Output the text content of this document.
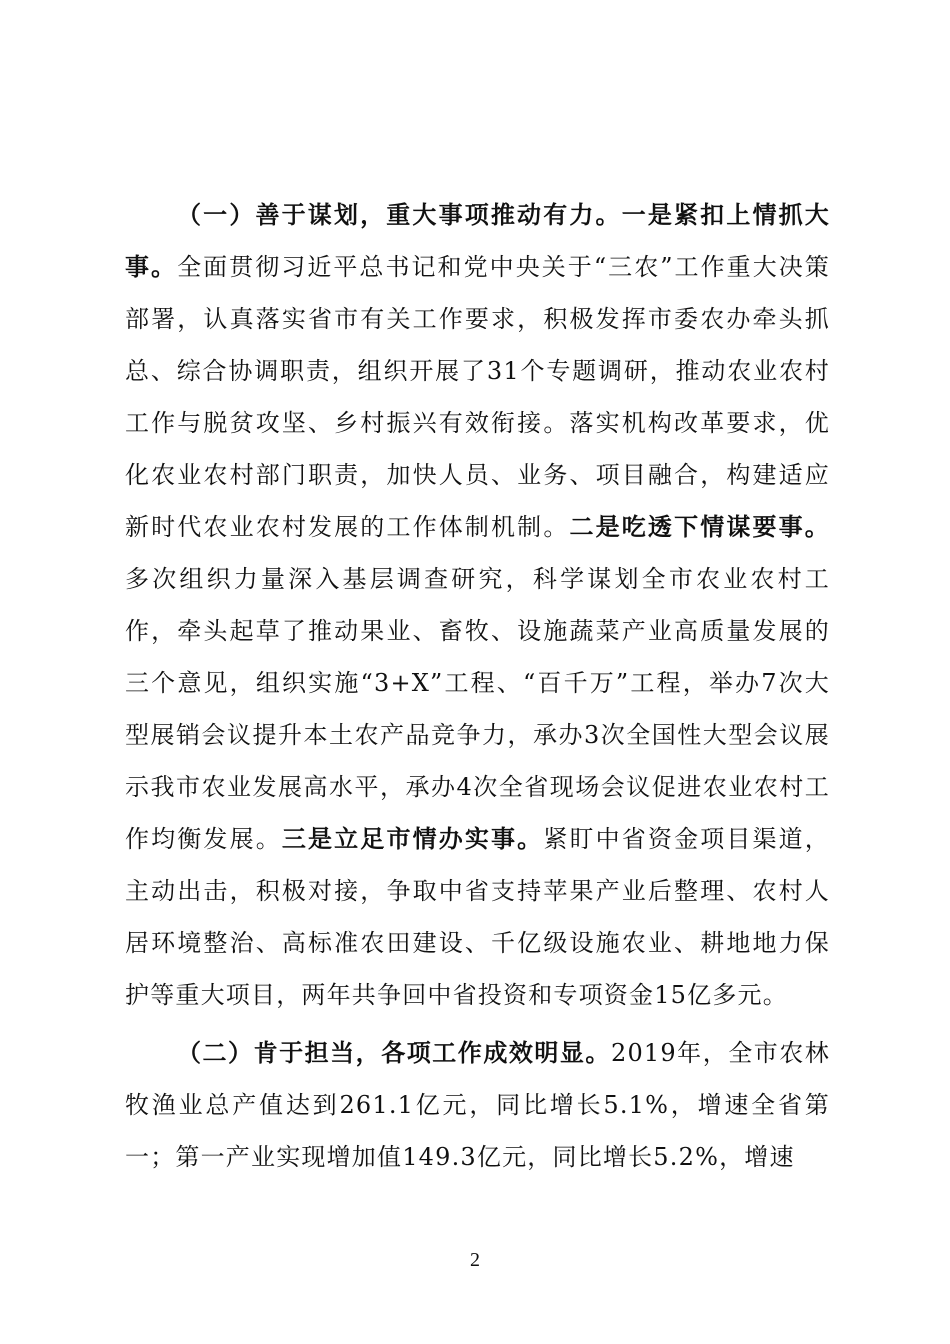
（一）善于谋划，重大事项推动有力。一是紧扣上情抓大事。全面贯彻习近平总书记和党中央关于“三农”工作重大决策部署，认真落实省市有关工作要求，积极发挥市委农办牵头抓总、综合协调职责，组织开展了31个专题调研，推动农业农村工作与脱贫攻坚、乡村振兴有效衔接。落实机构改革要求，优化农业农村部门职责，加快人员、业务、项目融合，构建适应新时代农业农村发展的工作体制机制。二是吃透下情谋要事。多次组织力量深入基层调查研究，科学谋划全市农业农村工作，牵头起草了推动果业、畜牧、设施蔬菜产业高质量发展的三个意见，组织实施“3+X”工程、“百千万”工程，举办7次大型展销会议提升本土农产品竞争力，承办3次全国性大型会议展示我市农业发展高水平，承办4次全省现场会议促进农业农村工作均衡发展。三是立足市情办实事。紧盯中省资金项目渠道，主动出击，积极对接，争取中省支持苹果产业后整理、农村人居环境整治、高标准农田建设、千亿级设施农业、耕地地力保护等重大项目，两年共争回中省投资和专项资金15亿多元。

（二）肯于担当，各项工作成效明显。2019年，全市农林牧渔业总产值达到261.1亿元，同比增长5.1%，增速全省第一；第一产业实现增加值149.3亿元，同比增长5.2%，增速

2
